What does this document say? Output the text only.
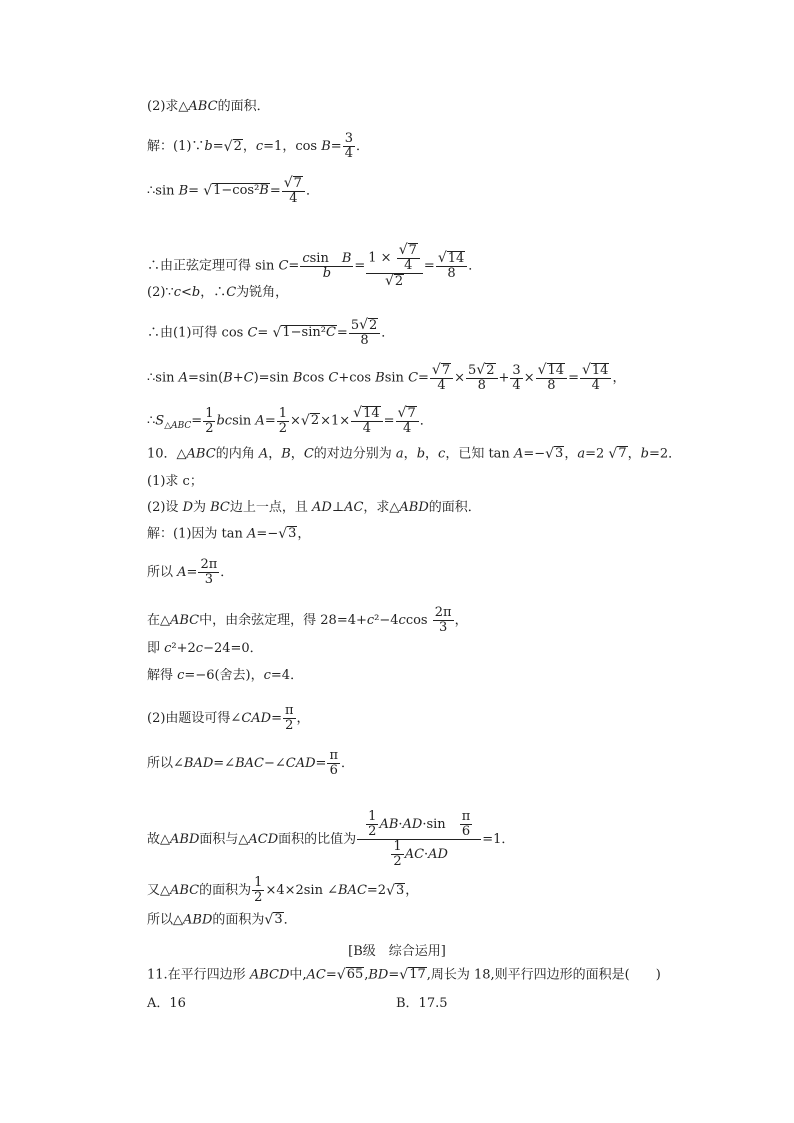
(2)求△ABC的面积．
解：(1)∵b= √ 2 ，c=1，$\cos B= \frac{3}{4}$ ．
∴sin B= √ $1-\cos^2B = \frac{√ 7}{4}$ ．
∴由正弦定理可得 $\sin C= \frac{\text{csin　B}}{b} = \frac{1 \times \frac{√ 7}{4}}{√ 2} = \frac{√ 14}{8}$ ．
(2)∵c<b，∴C为锐角，
∴由(1)可得 cos C= √ $1-\sin^2C = \frac{5 √ 2}{8}$ ．
∴sin A=sin(B+C)=sin Bcos C+cos Bsin $C= \frac{√ 7}{4} \times \frac{5 √ 2}{8} + \frac{3}{4} \times \frac{√ 14}{8} = \frac{√ 14}{4}$ ，
$\therefore S_{\triangle ABC}= \frac{1}{2}$ bcsin $A= \frac{1}{2}$ × √ $2 \times 1\times \frac{√ 14}{4} = \frac{√ 7}{4}$ ．
10．△ABC的内角 A，B，C的对边分别为 a，b，c，已知 tan A=− √ 3 ，a=2 √ 7 ，b=2．
(1)求 c；
(2)设 D为 BC边上一点，且 AD⊥AC，求△ABD的面积．
解：(1)因为 tan A=− √ 3 ，
所以 $A= \frac{2\pi}{3}$ ．
在△ABC中，由余弦定理，得 $28=4+c^2-4ccos \frac{2\pi}{3}$ ，
即 c²+2c−24=0．
解得 c=−6(舍去)，c=4．
(2)由题设可得∠CAD= $\frac{\pi}{2}$ ，
所以∠BAD=∠BAC−∠CAD= $\frac{\pi}{6}$ ．
故△ABD面积与△ACD面积的比值为 $\frac{\frac{1}{2} AB\cdot AD\cdot\sin \frac{\pi}{6}}{\frac{1}{2} AC\cdot AD} =1$．
又△ABC的面积为 $\frac{1}{2} \times 4\times 2\sin$ ∠BAC=2 √ 3 ，
所以△ABD的面积为 √ 3 ．
[B级　综合运用]
11.在平行四边形 ABCD中,AC= √ 65 ,BD= √ 17 ,周长为 18,则平行四边形的面积是(　　)
A．16	B．17.5
